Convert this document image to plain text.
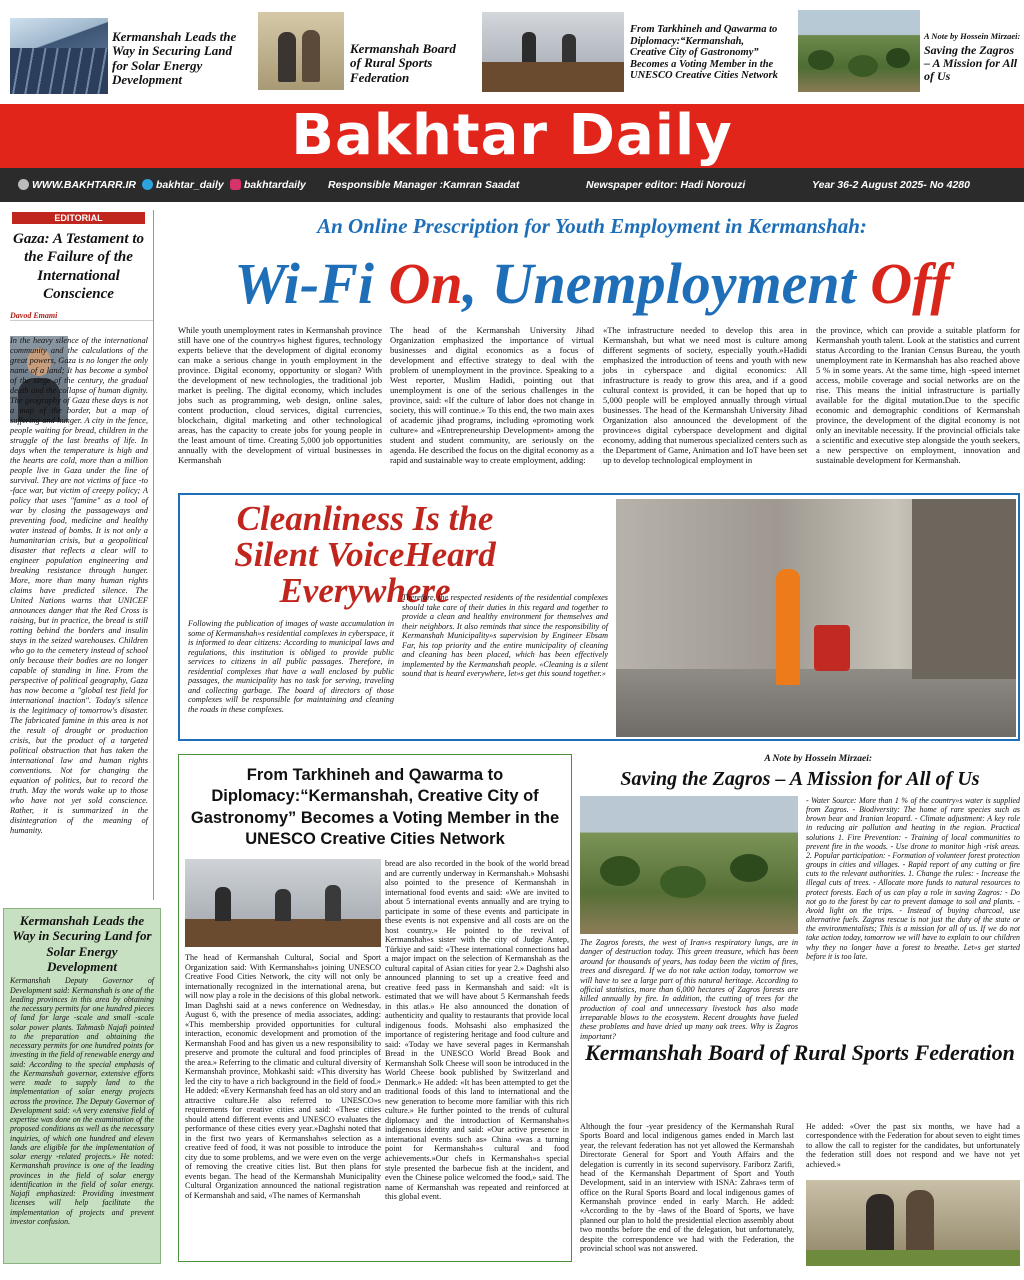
Kermanshah Leads the Way in Securing Land for Solar Energy Development
Kermanshah Board of Rural Sports Federation
From Tarkhineh and Qawarma to Diplomacy:“Kermanshah, Creative City of Gastronomy” Becomes a Voting Member in the UNESCO Creative Cities Network
A Note by Hossein Mirzaei:
Saving the Zagros – A Mission for All of Us
Bakhtar Daily
WWW.BAKHTARR.IR	bakhtar_daily	bakhtardaily Responsible Manager :Kamran Saadat	Newspaper editor: Hadi Norouzi	Year 36-2 August 2025- No 4280
EDITORIAL
Gaza: A Testament to the Failure of the International Conscience
Davod Emami
In the heavy silence of the international community and the calculations of the great powers, Gaza is no longer the only name of a land; It has become a symbol of the siege of the century, the gradual death and the collapse of human dignity. The geography of Gaza these days is not a map of the border, but a map of suffering and hunger. A city in the fence, people waiting for bread, children in the struggle of the last breaths of life. In days when the temperature is high and the hearts are cold, more than a million people live in Gaza under the line of survival. They are not victims of face -to -face war, but victim of creepy policy; A policy that uses "famine" as a tool of war by closing the passageways and preventing food, medicine and healthy water instead of bombs. It is not only a humanitarian crisis, but a geopolitical disaster that reflects a clear will to engineer population engineering and breaking resistance through hunger. More, more than many human rights claims have predicted silence. The United Nations warns that UNICEF announces danger that the Red Cross is raising, but in practice, the bread is still rotting behind the borders and insulin stays in the seized warehouses. Children who go to the cemetery instead of school only because their bodies are no longer capable of standing in line. From the perspective of political geography, Gaza has now become a "global test field for international inaction". Today's silence is the legitimacy of tomorrow's disaster. The fabricated famine in this area is not the result of drought or production crisis, but the product of a targeted political obstruction that has taken the international law and human rights conventions. Not for changing the equation of politics, but to record the truth. May the words wake up to those who have not yet sold conscience. Rather, it is summarized in the disintegration of the meaning of humanity.
Kermanshah Leads the Way in Securing Land for Solar Energy Development
Kermanshah Deputy Governor of Development said: Kermanshah is one of the leading provinces in this area by obtaining the necessary permits for one hundred pieces of land for large -scale and small -scale solar power plants. Tahmasb Najafi pointed to the preparation and obtaining the necessary permits for one hundred points for investing in the field of renewable energy and said: According to the special emphasis of the Kermanshah governor, extensive efforts were made to supply land to the implementation of solar energy projects across the province. The Deputy Governor of Development said: «A very extensive field of expertise was done on the examination of the proposed conditions as well as the necessary inquiries, of which one hundred and eleven lands are eligible for the implementation of solar energy -related projects.» He noted: Kermanshah province is one of the leading provinces in the field of solar energy identification in the field of solar energy. Najafi emphasized: Providing investment licenses will help facilitate the implementation of projects and prevent investor confusion.
An Online Prescription for Youth Employment in Kermanshah:
Wi-Fi On, Unemployment Off
While youth unemployment rates in Kermanshah province still have one of the country»s highest figures, technology experts believe that the development of digital economy can make a serious change in youth employment in the province. Digital economy, opportunity or slogan? With the development of new technologies, the traditional job market is peeling. The digital economy, which includes jobs such as programming, web design, online sales, content production, cloud services, digital currencies, blockchain, digital marketing and other technological areas, has the capacity to create jobs for young people in the least amount of time. Creating 5,000 job opportunities annually with the development of virtual businesses in Kermanshah
The head of the Kermanshah University Jihad Organization emphasized the importance of virtual businesses and digital economics as a focus of development and effective strategy to deal with the problem of unemployment in the province. Speaking to a West reporter, Muslim Hadidi, pointing out that unemployment is one of the serious challenges in the province, said: «If the culture of labor does not change in society, this will continue.» To this end, the two main axes of academic jihad programs, including «promoting work culture» and «Entrepreneurship Development» among the student and student community, are seriously on the agenda. He described the focus on the digital economy as a rapid and sustainable way to create employment, adding:
«The infrastructure needed to develop this area in Kermanshah, but what we need most is culture among different segments of society, especially youth.»Hadidi emphasized the introduction of teens and youth with new jobs in cyberspace and digital economics: All infrastructure is ready to grow this area, and if a good cultural context is provided, it can be hoped that up to 5,000 people will be employed annually through virtual businesses. The head of the Kermanshah University Jihad Organization also announced the development of the province»s digital cyberspace development and digital economy, adding that numerous specialized centers such as the Department of Game, Animation and IoT have been set up to develop technological employment in
the province, which can provide a suitable platform for Kermanshah youth talent. Look at the statistics and current status According to the Iranian Census Bureau, the youth unemployment rate in Kermanshah has also reached above 5 % in some years. At the same time, high -speed internet access, mobile coverage and social networks are on the rise. This means the initial infrastructure is partially available for the digital mutation.Due to the specific economic and demographic conditions of Kermanshah province, the development of the digital economy is not only an inevitable necessity. If the provincial officials take a scientific and executive step alongside the youth seekers, a new perspective on employment, innovation and sustainable development for Kermanshah.
Cleanliness Is the Silent VoiceHeard Everywhere
Following the publication of images of waste accumulation in some of Kermanshah»s residential complexes in cyberspace, it is informed to dear citizens: According to municipal laws and regulations, this institution is obliged to provide public services to citizens in all public passages. Therefore, in residential complexes that have a wall enclosed by public passages, the municipality has no task for serving, traveling and collecting garbage. The board of directors of those complexes will be responsible for maintaining and cleaning the roads in these complexes.
Therefore, the respected residents of the residential complexes should take care of their duties in this regard and together to provide a clean and healthy environment for themselves and their neighbors. It also reminds that since the responsibility of Kermanshah Municipality»s supervision by Engineer Ebsam Far, his top priority and the entire municipality of cleaning and cleaning has been placed, which has been effectively implemented by the Kermanshah people. «Cleaning is a silent sound that is heard everywhere, let»s get this sound together.»
From Tarkhineh and Qawarma to Diplomacy:“Kermanshah, Creative City of Gastronomy” Becomes a Voting Member in the UNESCO Creative Cities Network
The head of Kermanshah Cultural, Social and Sport Organization said: With Kermanshah»s joining UNESCO Creative Food Cities Network, the city will not only be internationally recognized in the international arena, but will now play a role in the decisions of this global network. Iman Daghshi said at a news conference on Wednesday, August 6, with the presence of media associates, adding: «This membership provided opportunities for cultural interaction, economic development and promotion of the Kermanshah Food and has given us a new responsibility to preserve and promote the cultural and food principles of the area.» Referring to the climatic and cultural diversity of Kermanshah province, Mohkashi said: «This diversity has led the city to have a rich background in the field of food.» He added: «Every Kermanshah feed has an old story and an attractive culture.He also referred to UNESCO»s requirements for creative cities and said: «These cities should attend different events and UNESCO evaluates the performance of these cities every year.»Daghshi noted that in the first two years of Kermanshah»s selection as a creative feed of food, it was not possible to introduce the city due to some problems, and we were even on the verge of removing the creative cities list. But then plans for events began. The head of the Kermanshah Municipality Cultural Organization announced the national registration of Kermanshah and said, «The names of Kermanshah
bread are also recorded in the book of the world bread and are currently underway in Kermanshah.» Mohsashi also pointed to the presence of Kermanshah in international food events and said: «We are invited to about 5 international events annually and are trying to participate in some of these events and participate in these events is not expensive and all costs are on the host country.» He pointed to the revival of Kermanshah»s sister with the city of Judge Antep, Türkiye and said: «These international connections had a major impact on the selection of Kermanshah as the cultural capital of Asian cities for year 2.» Daghshi also announced planning to set up a creative feed and creative feed pass in Kermanshah and said: «It is estimated that we will have about 5 Kermanshah feeds in this atlas.» He also announced the donation of authenticity and quality to restaurants that provide local indigenous foods. Mohsashi also emphasized the importance of registering heritage and food culture and said: «Today we have several pages in Kermanshah Bread in the UNESCO World Bread Book and Kermanshah Solk Cheese will soon be introduced in the World Cheese book published by Switzerland and Denmark.» He added: «It has been attempted to get the traditional foods of this land to international and the new generation to become more familiar with this rich culture.» He further pointed to the trends of cultural diplomacy and the introduction of Kermanshah»s indigenous identity and said: «Our active presence in international events such as» China «was a turning point for Kermanshah»s cultural and food achievements.»Our chefs in Kermanshah»s special style presented the barbecue fish at the incident, and even the Chinese police welcomed the food,» said. The name of Kermanshah was repeated and reinforced at this global event.
A Note by Hossein Mirzaei:
Saving the Zagros – A Mission for All of Us
The Zagros forests, the west of Iran»s respiratory lungs, are in danger of destruction today. This green treasure, which has been around for thousands of years, has today been the victim of fires, trees and disregard. If we do not take action today, tomorrow we will have to see a large part of this natural heritage. According to official statistics, more than 6,000 hectares of Zagros forests are killed annually by fire. In addition, the cutting of trees for the production of coal and unnecessary livestock has also made irreparable blows to the ecosystem. Recent droughts have fueled these problems and have dried up many oak trees. Why is Zagros important?
- Water Source: More than 1 % of the country»s water is supplied from Zagros. - Biodiversity: The home of rare species such as brown bear and Iranian leopard. - Climate adjustment: A key role in reducing air pollution and heating in the region. Practical solutions 1. Fire Prevention: - Training of local communities to prevent fire in the woods. - Use drone to monitor high -risk areas. 2. Popular participation: - Formation of volunteer forest protection groups in cities and villages. - Rapid report of any cutting or fire cuts to the relevant authorities. 1. Change the rules: - Increase the illegal cuts of trees. - Allocate more funds to natural resources to protect forests. Each of us can play a role in saving Zagros: - Do not go to the forest by car to prevent damage to soil and plants. - Avoid light on the trips. - Instead of buying charcoal, use alternative fuels. Zagros rescue is not just the duty of the state or the environmentalists; This is a mission for all of us. If we do not take action today, tomorrow we will have to explain to our children why they no longer have a forest to breathe. Let»s get started before it is too late.
Kermanshah Board of Rural Sports Federation
Although the four -year presidency of the Kermanshah Rural Sports Board and local indigenous games ended in March last year, the relevant federation has not yet allowed the Kermanshah Directorate General for Sport and Youth Affairs and the delegation is currently in its second supervisory. Fariborz Zarifi, head of the Kermanshah Department of Sport and Youth Development, said in an interview with ISNA: Zahra»s term of office on the Rural Sports Board and local indigenous games of Kermanshah province ended in early March. He added: «According to the by -laws of the Board of Sports, we have planned our plan to hold the presidential election assembly about two months before the end of the delegation, but unfortunately, despite the correspondence we had with the Federation, the provincial school was not answered.
He added: «Over the past six months, we have had a correspondence with the Federation for about seven to eight times to allow the call to register for the candidates, but unfortunately the federation still does not respond and we have not yet achieved.»
